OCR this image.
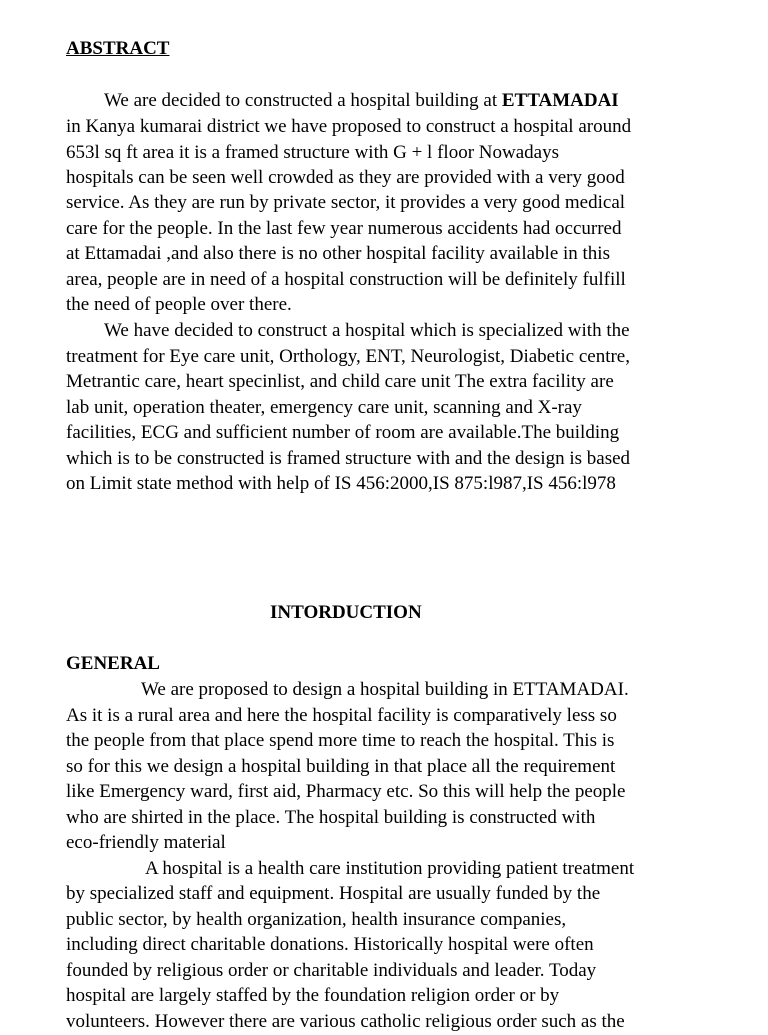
ABSTRACT
We are decided to constructed a hospital building at ETTAMADAI
in Kanya kumarai district we have proposed to construct a hospital around
653l sq ft area it is a framed structure with G + l floor Nowadays
hospitals can be seen well crowded as they are provided with a very good
service. As they are run by private sector, it provides a very good medical
care for the people. In the last few year numerous accidents had occurred
at Ettamadai ,and also there is no other hospital facility available in this
area, people are in need of a hospital construction will be definitely fulfill
the need of people over there.
We have decided to construct a hospital which is specialized with the
treatment for Eye care unit, Orthology, ENT, Neurologist, Diabetic centre,
Metrantic care, heart specinlist, and child care unit The extra facility are
lab unit, operation theater, emergency care unit, scanning and X-ray
facilities, ECG and sufficient number of room are available.The building
which is to be constructed is framed structure with and the design is based
on Limit state method with help of IS 456:2000,IS 875:l987,IS 456:l978
INTORDUCTION
GENERAL
We are proposed to design a hospital building in ETTAMADAI.
As it is a rural area and here the hospital facility is comparatively less so
the people from that place spend more time to reach the hospital. This is
so for this we design a hospital building in that place all the requirement
like Emergency ward, first aid, Pharmacy etc. So this will help the people
who are shirted in the place. The hospital building is constructed with
eco-friendly material
A hospital is a health care institution providing patient treatment
by specialized staff and equipment. Hospital are usually funded by the
public sector, by health organization, health insurance companies,
including direct charitable donations. Historically hospital were often
founded by religious order or charitable individuals and leader. Today
hospital are largely staffed by the foundation religion order or by
volunteers. However there are various catholic religious order such as the
